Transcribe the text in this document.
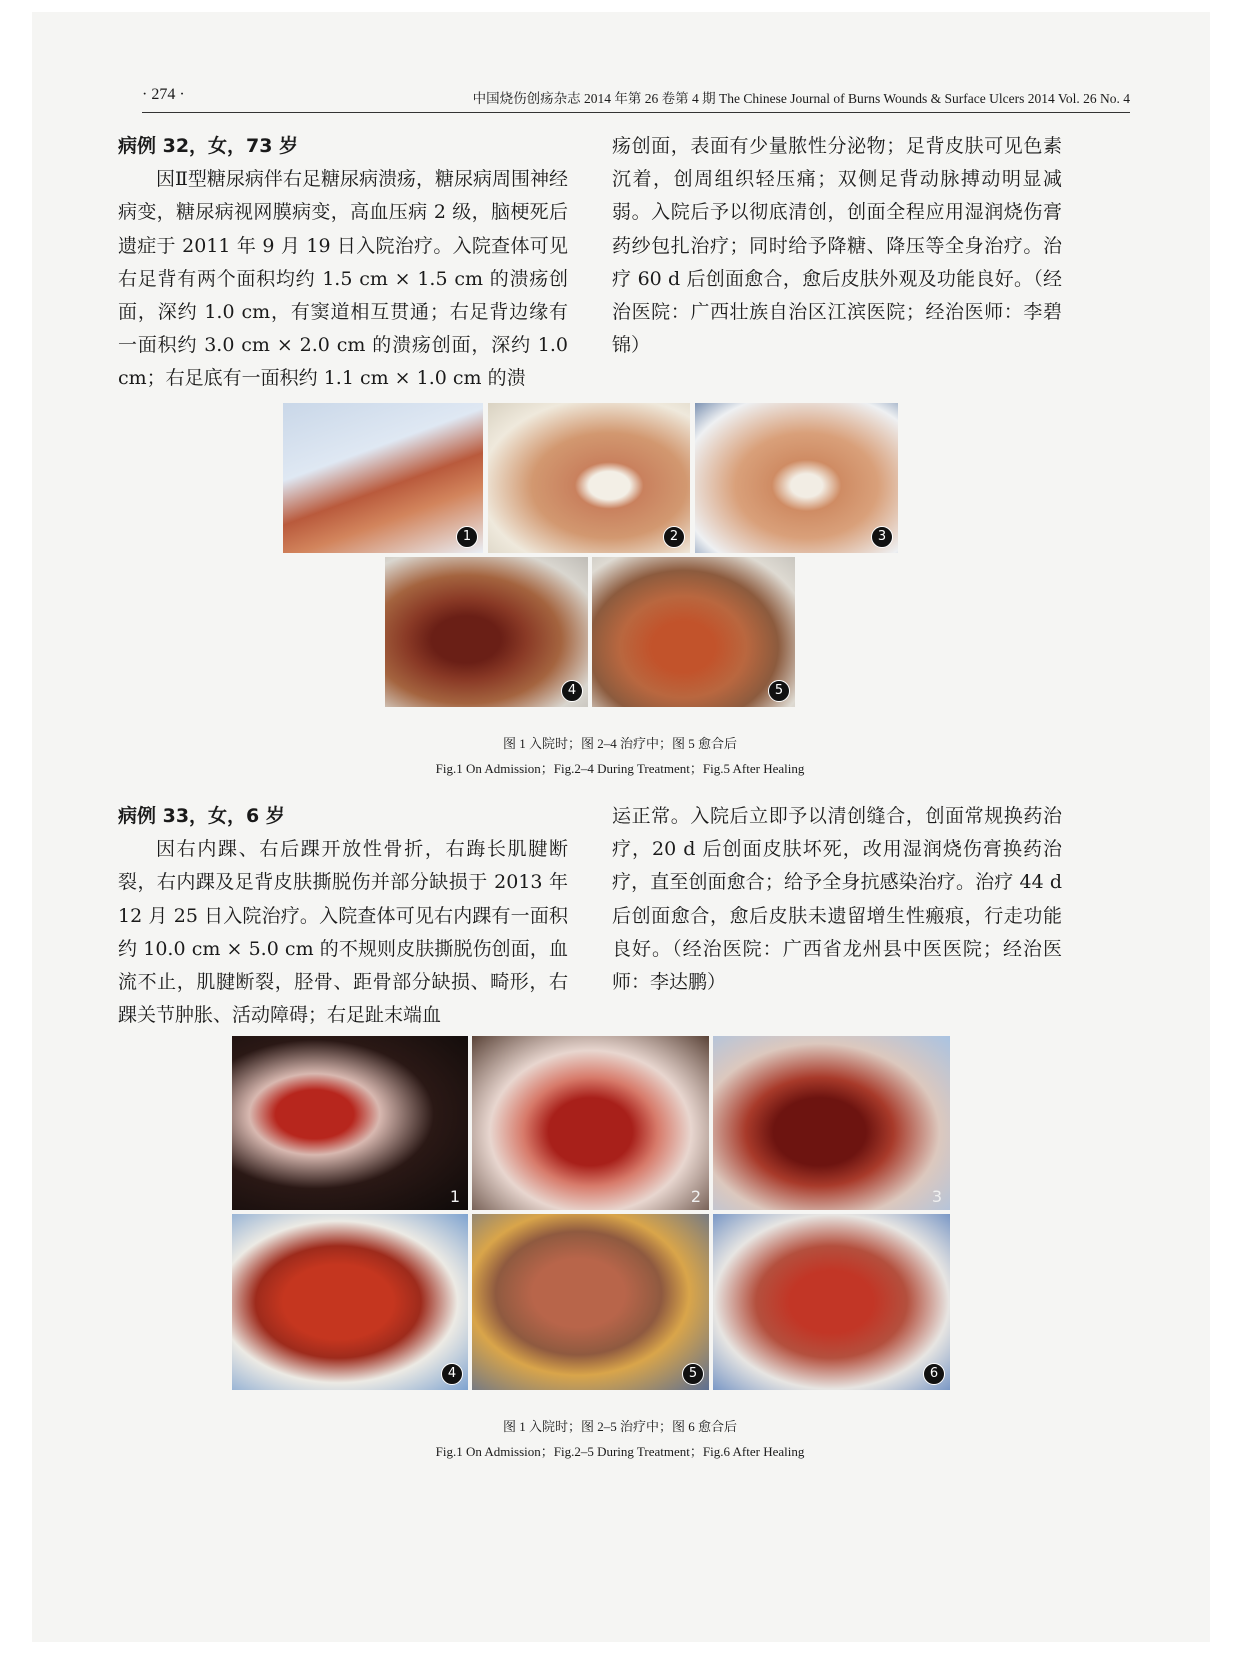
· 274 ·	中国烧伤创疡杂志 2014 年第 26 卷第 4 期 The Chinese Journal of Burns Wounds & Surface Ulcers 2014 Vol. 26 No. 4

病例 32，女，73 岁

因Ⅱ型糖尿病伴右足糖尿病溃疡，糖尿病周围神经病变，糖尿病视网膜病变，高血压病 2 级，脑梗死后遗症于 2011 年 9 月 19 日入院治疗。入院查体可见右足背有两个面积均约 1.5 cm × 1.5 cm 的溃疡创面，深约 1.0 cm，有窦道相互贯通；右足背边缘有一面积约 3.0 cm × 2.0 cm 的溃疡创面，深约 1.0 cm；右足底有一面积约 1.1 cm × 1.0 cm 的溃

疡创面，表面有少量脓性分泌物；足背皮肤可见色素沉着，创周组织轻压痛；双侧足背动脉搏动明显减弱。入院后予以彻底清创，创面全程应用湿润烧伤膏药纱包扎治疗；同时给予降糖、降压等全身治疗。治疗 60 d 后创面愈合，愈后皮肤外观及功能良好。（经治医院：广西壮族自治区江滨医院；经治医师：李碧锦）

1	2	3
4	5
图 1 入院时；图 2–4 治疗中；图 5 愈合后
Fig.1 On Admission；Fig.2–4 During Treatment；Fig.5 After Healing

病例 33，女，6 岁

因右内踝、右后踝开放性骨折，右踇长肌腱断裂，右内踝及足背皮肤撕脱伤并部分缺损于 2013 年 12 月 25 日入院治疗。入院查体可见右内踝有一面积约 10.0 cm × 5.0 cm 的不规则皮肤撕脱伤创面，血流不止，肌腱断裂，胫骨、距骨部分缺损、畸形，右踝关节肿胀、活动障碍；右足趾末端血

运正常。入院后立即予以清创缝合，创面常规换药治疗，20 d 后创面皮肤坏死，改用湿润烧伤膏换药治疗，直至创面愈合；给予全身抗感染治疗。治疗 44 d 后创面愈合，愈后皮肤未遗留增生性瘢痕，行走功能良好。（经治医院：广西省龙州县中医医院；经治医师：李达鹏）

1	2	3
4	5	6
图 1 入院时；图 2–5 治疗中；图 6 愈合后
Fig.1 On Admission；Fig.2–5 During Treatment；Fig.6 After Healing
